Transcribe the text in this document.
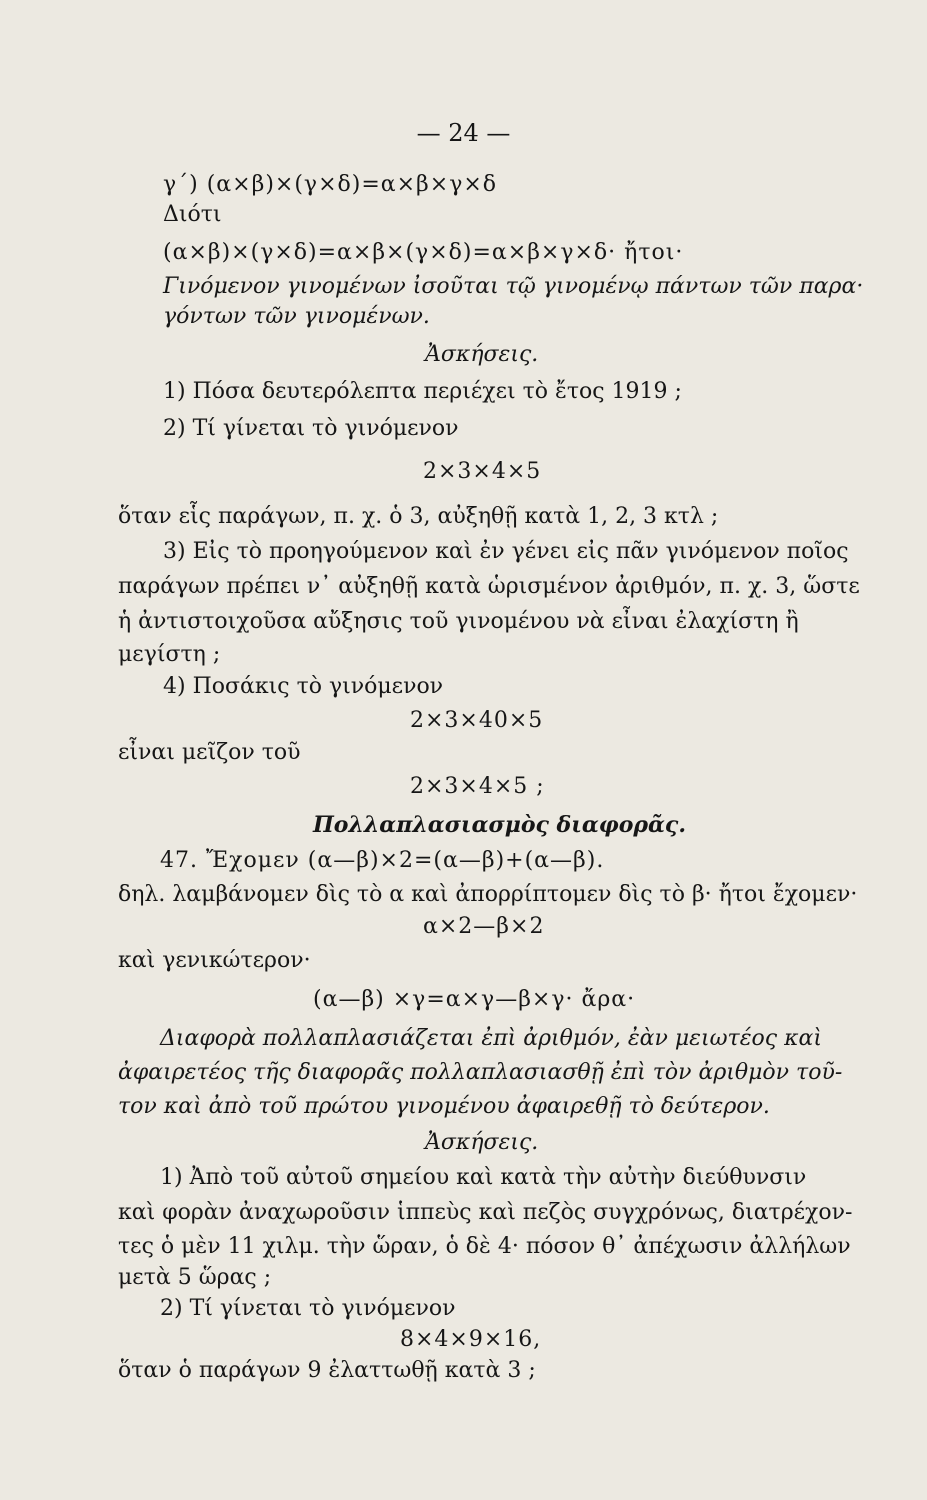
— 24 —
γ΄) (α×β)×(γ×δ)=α×β×γ×δ
Διότι
(α×β)×(γ×δ)=α×β×(γ×δ)=α×β×γ×δ· ἤτοι·
Γινόμενον γινομένων ἰσοῦται τῷ γινομένῳ πάντων τῶν παρα·
γόντων τῶν γινομένων.
Ἀσκήσεις.
1) Πόσα δευτερόλεπτα περιέχει τὸ ἔτος 1919 ;
2) Τί γίνεται τὸ γινόμενον
2×3×4×5
ὅταν εἷς παράγων, π. χ. ὁ 3, αὐξηθῇ κατὰ 1, 2, 3 κτλ ;
3) Εἰς τὸ προηγούμενον καὶ ἐν γένει εἰς πᾶν γινόμενον ποῖος
παράγων πρέπει ν᾽ αὐξηθῇ κατὰ ὡρισμένον ἀριθμόν, π. χ. 3, ὥστε
ἡ ἀντιστοιχοῦσα αὔξησις τοῦ γινομένου νὰ εἶναι ἐλαχίστη ἢ
μεγίστη ;
4) Ποσάκις τὸ γινόμενον
2×3×40×5
εἶναι μεῖζον τοῦ
2×3×4×5 ;
Πολλαπλασιασμὸς διαφορᾶς.
47. Ἔχομεν (α—β)×2=(α—β)+(α—β).
δηλ. λαμβάνομεν δὶς τὸ α καὶ ἀπορρίπτομεν δὶς τὸ β· ἤτοι ἔχομεν·
α×2—β×2
καὶ γενικώτερον·
(α—β) ×γ=α×γ—β×γ· ἄρα·
Διαφορὰ πολλαπλασιάζεται ἐπὶ ἀριθμόν, ἐὰν μειωτέος καὶ
ἀφαιρετέος τῆς διαφορᾶς πολλαπλασιασθῇ ἐπὶ τὸν ἀριθμὸν τοῦ-
τον καὶ ἀπὸ τοῦ πρώτου γινομένου ἀφαιρεθῇ τὸ δεύτερον.
Ἀσκήσεις.
1) Ἀπὸ τοῦ αὐτοῦ σημείου καὶ κατὰ τὴν αὐτὴν διεύθυνσιν
καὶ φορὰν ἀναχωροῦσιν ἱππεὺς καὶ πεζὸς συγχρόνως, διατρέχον-
τες ὁ μὲν 11 χιλμ. τὴν ὥραν, ὁ δὲ 4· πόσον θ᾽ ἀπέχωσιν ἀλλήλων
μετὰ 5 ὥρας ;
2) Τί γίνεται τὸ γινόμενον
8×4×9×16,
ὅταν ὁ παράγων 9 ἐλαττωθῇ κατὰ 3 ;
